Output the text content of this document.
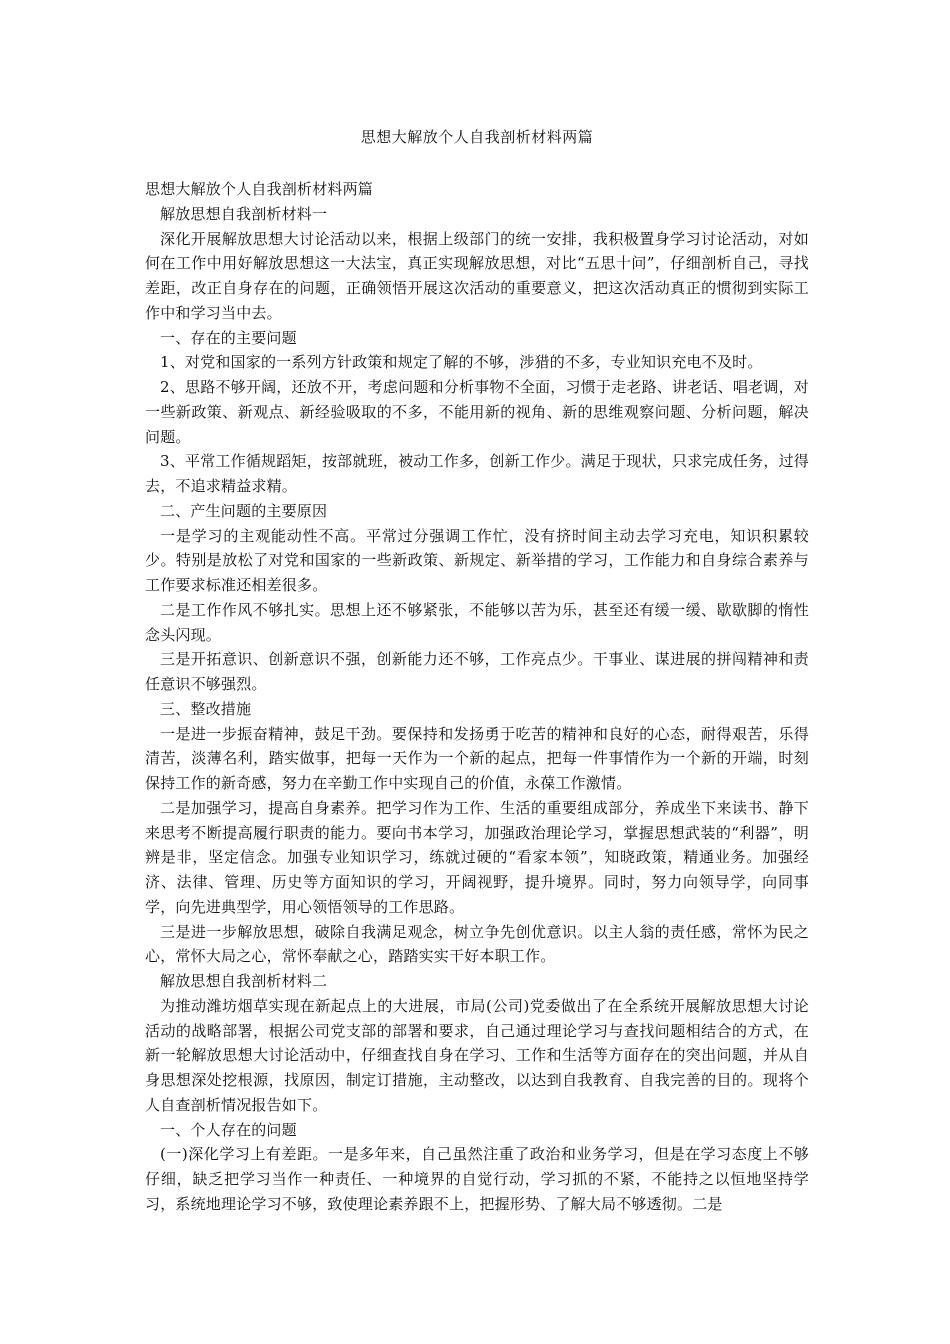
思想大解放个人自我剖析材料两篇

思想大解放个人自我剖析材料两篇

解放思想自我剖析材料一

深化开展解放思想大讨论活动以来，根据上级部门的统一安排，我积极置身学习讨论活动，对如何在工作中用好解放思想这一大法宝，真正实现解放思想，对比“五思十问”，仔细剖析自己，寻找差距，改正自身存在的问题，正确领悟开展这次活动的重要意义，把这次活动真正的惯彻到实际工作中和学习当中去。

一、存在的主要问题

1、对党和国家的一系列方针政策和规定了解的不够，涉猎的不多，专业知识充电不及时。

2、思路不够开阔，还放不开，考虑问题和分析事物不全面，习惯于走老路、讲老话、唱老调，对一些新政策、新观点、新经验吸取的不多，不能用新的视角、新的思维观察问题、分析问题，解决问题。

3、平常工作循规蹈矩，按部就班，被动工作多，创新工作少。满足于现状，只求完成任务，过得去，不追求精益求精。

二、产生问题的主要原因

一是学习的主观能动性不高。平常过分强调工作忙，没有挤时间主动去学习充电，知识积累较少。特别是放松了对党和国家的一些新政策、新规定、新举措的学习，工作能力和自身综合素养与工作要求标准还相差很多。

二是工作作风不够扎实。思想上还不够紧张，不能够以苦为乐，甚至还有缓一缓、歇歇脚的惰性念头闪现。

三是开拓意识、创新意识不强，创新能力还不够，工作亮点少。干事业、谋进展的拼闯精神和责任意识不够强烈。

三、整改措施

一是进一步振奋精神，鼓足干劲。要保持和发扬勇于吃苦的精神和良好的心态，耐得艰苦，乐得清苦，淡薄名利，踏实做事，把每一天作为一个新的起点，把每一件事情作为一个新的开端，时刻保持工作的新奇感，努力在辛勤工作中实现自己的价值，永葆工作激情。

二是加强学习，提高自身素养。把学习作为工作、生活的重要组成部分，养成坐下来读书、静下来思考不断提高履行职责的能力。要向书本学习，加强政治理论学习，掌握思想武装的“利器”，明辨是非，坚定信念。加强专业知识学习，练就过硬的“看家本领”，知晓政策，精通业务。加强经济、法律、管理、历史等方面知识的学习，开阔视野，提升境界。同时，努力向领导学，向同事学，向先进典型学，用心领悟领导的工作思路。

三是进一步解放思想，破除自我满足观念，树立争先创优意识。以主人翁的责任感，常怀为民之心，常怀大局之心，常怀奉献之心，踏踏实实干好本职工作。

解放思想自我剖析材料二

为推动潍坊烟草实现在新起点上的大进展，市局(公司)党委做出了在全系统开展解放思想大讨论活动的战略部署，根据公司党支部的部署和要求，自己通过理论学习与查找问题相结合的方式，在新一轮解放思想大讨论活动中，仔细查找自身在学习、工作和生活等方面存在的突出问题，并从自身思想深处挖根源，找原因，制定订措施，主动整改，以达到自我教育、自我完善的目的。现将个人自查剖析情况报告如下。

一、个人存在的问题

(一)深化学习上有差距。一是多年来，自己虽然注重了政治和业务学习，但是在学习态度上不够仔细，缺乏把学习当作一种责任、一种境界的自觉行动，学习抓的不紧，不能持之以恒地坚持学习，系统地理论学习不够，致使理论素养跟不上，把握形势、了解大局不够透彻。二是
